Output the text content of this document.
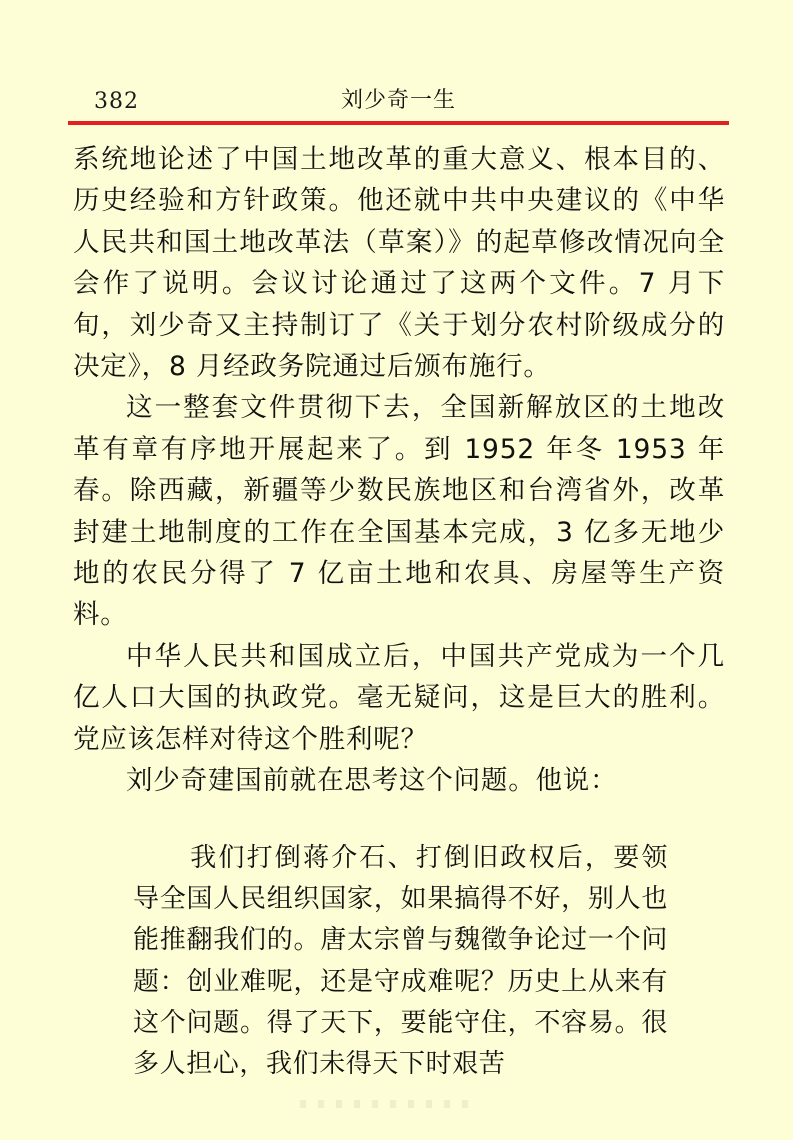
382	刘少奇一生

系统地论述了中国土地改革的重大意义、根本目的、历史经验和方针政策。他还就中共中央建议的《中华人民共和国土地改革法（草案）》的起草修改情况向全会作了说明。会议讨论通过了这两个文件。7 月下旬，刘少奇又主持制订了《关于划分农村阶级成分的决定》，8 月经政务院通过后颁布施行。

这一整套文件贯彻下去，全国新解放区的土地改革有章有序地开展起来了。到 1952 年冬 1953 年春。除西藏，新疆等少数民族地区和台湾省外，改革封建土地制度的工作在全国基本完成，3 亿多无地少地的农民分得了 7 亿亩土地和农具、房屋等生产资料。

中华人民共和国成立后，中国共产党成为一个几亿人口大国的执政党。毫无疑问，这是巨大的胜利。党应该怎样对待这个胜利呢？

刘少奇建国前就在思考这个问题。他说：

我们打倒蒋介石、打倒旧政权后，要领导全国人民组织国家，如果搞得不好，别人也能推翻我们的。唐太宗曾与魏徵争论过一个问题：创业难呢，还是守成难呢？历史上从来有这个问题。得了天下，要能守住，不容易。很多人担心，我们未得天下时艰苦
